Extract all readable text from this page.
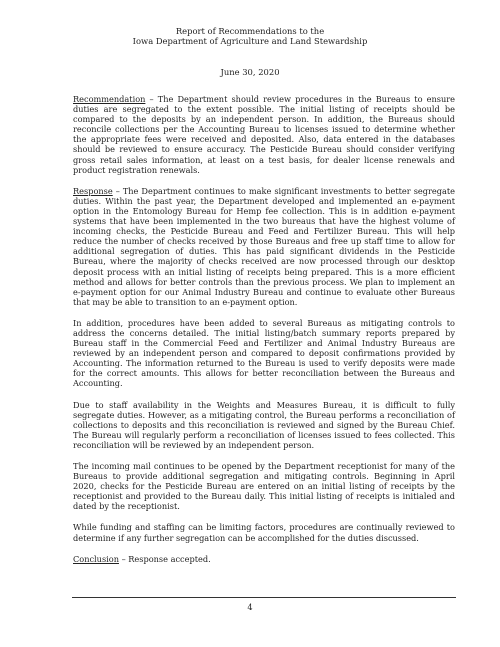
Report of Recommendations to the
Iowa Department of Agriculture and Land Stewardship
June 30, 2020

Recommendation – The Department should review procedures in the Bureaus to ensure duties are segregated to the extent possible. The initial listing of receipts should be compared to the deposits by an independent person. In addition, the Bureaus should reconcile collections per the Accounting Bureau to licenses issued to determine whether the appropriate fees were received and deposited. Also, data entered in the databases should be reviewed to ensure accuracy. The Pesticide Bureau should consider verifying gross retail sales information, at least on a test basis, for dealer license renewals and product registration renewals.

Response – The Department continues to make significant investments to better segregate duties. Within the past year, the Department developed and implemented an e-payment option in the Entomology Bureau for Hemp fee collection. This is in addition e-payment systems that have been implemented in the two bureaus that have the highest volume of incoming checks, the Pesticide Bureau and Feed and Fertilizer Bureau. This will help reduce the number of checks received by those Bureaus and free up staff time to allow for additional segregation of duties. This has paid significant dividends in the Pesticide Bureau, where the majority of checks received are now processed through our desktop deposit process with an initial listing of receipts being prepared. This is a more efficient method and allows for better controls than the previous process. We plan to implement an e-payment option for our Animal Industry Bureau and continue to evaluate other Bureaus that may be able to transition to an e-payment option.

In addition, procedures have been added to several Bureaus as mitigating controls to address the concerns detailed. The initial listing/batch summary reports prepared by Bureau staff in the Commercial Feed and Fertilizer and Animal Industry Bureaus are reviewed by an independent person and compared to deposit confirmations provided by Accounting. The information returned to the Bureau is used to verify deposits were made for the correct amounts. This allows for better reconciliation between the Bureaus and Accounting.

Due to staff availability in the Weights and Measures Bureau, it is difficult to fully segregate duties. However, as a mitigating control, the Bureau performs a reconciliation of collections to deposits and this reconciliation is reviewed and signed by the Bureau Chief. The Bureau will regularly perform a reconciliation of licenses issued to fees collected. This reconciliation will be reviewed by an independent person.

The incoming mail continues to be opened by the Department receptionist for many of the Bureaus to provide additional segregation and mitigating controls. Beginning in April 2020, checks for the Pesticide Bureau are entered on an initial listing of receipts by the receptionist and provided to the Bureau daily. This initial listing of receipts is initialed and dated by the receptionist.

While funding and staffing can be limiting factors, procedures are continually reviewed to determine if any further segregation can be accomplished for the duties discussed.

Conclusion – Response accepted.

4
